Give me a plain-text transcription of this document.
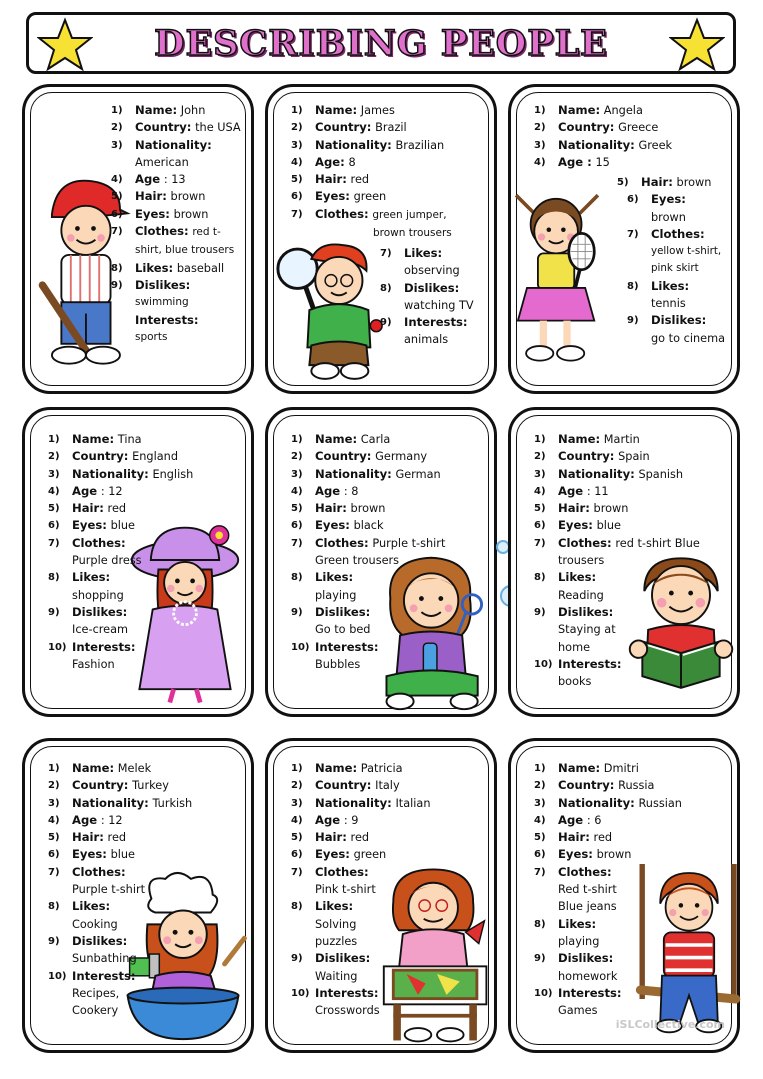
DESCRIBING PEOPLE
1)	Name: John
2)	Country: the USA
3)	Nationality: American
4)	Age : 13
5)	Hair: brown
6)	Eyes: brown
7)	Clothes: red t-shirt, blue trousers
8)	Likes: baseball
9)	Dislikes:
swimming
Interests:
sports
1)	Name: James
2)	Country: Brazil
3)	Nationality: Brazilian
4)	Age: 8
5)	Hair: red
6)	Eyes: green
7)	Clothes: green jumper,
brown trousers
7)	Likes:
observing
8)	Dislikes:
watching TV
9)	Interests:
animals
1)	Name: Angela
2)	Country: Greece
3)	Nationality: Greek
4)	Age : 15
5)	Hair: brown
6)	Eyes:
brown
7)	Clothes:
yellow t-shirt, pink skirt
8)	Likes:
tennis
9)	Dislikes:
go to cinema
1)	Name: Tina
2)	Country: England
3)	Nationality: English
4)	Age : 12
5)	Hair: red
6)	Eyes: blue
7)	Clothes:
Purple dress
8)	Likes:
shopping
9)	Dislikes:
Ice-cream
10) Interests:
Fashion
1)	Name: Carla
2)	Country: Germany
3)	Nationality: German
4)	Age : 8
5)	Hair: brown
6)	Eyes: black
7)	Clothes: Purple t-shirt Green trousers
8)	Likes:
playing
9)	Dislikes:
Go to bed
10) Interests:
Bubbles
1)	Name: Martin
2)	Country: Spain
3)	Nationality: Spanish
4)	Age : 11
5)	Hair: brown
6)	Eyes: blue
7)	Clothes: red t-shirt Blue trousers
8)	Likes:
Reading
9)	Dislikes:
Staying at home
10) Interests:
books
1)	Name: Melek
2)	Country: Turkey
3)	Nationality: Turkish
4)	Age : 12
5)	Hair: red
6)	Eyes: blue
7)	Clothes:
Purple t-shirt
8)	Likes:
Cooking
9)	Dislikes:
Sunbathing
10) Interests:
Recipes, Cookery
1)	Name: Patricia
2)	Country: Italy
3)	Nationality: Italian
4)	Age : 9
5)	Hair: red
6)	Eyes: green
7)	Clothes:
Pink t-shirt
8)	Likes:
Solving puzzles
9)	Dislikes:
Waiting
10) Interests:
Crosswords
1)	Name: Dmitri
2)	Country: Russia
3)	Nationality: Russian
4)	Age : 6
5)	Hair: red
6)	Eyes: brown
7)	Clothes:
Red t-shirt Blue jeans
8)	Likes:
playing
9)	Dislikes:
homework
10) Interests:
Games
iSLCollective.com
